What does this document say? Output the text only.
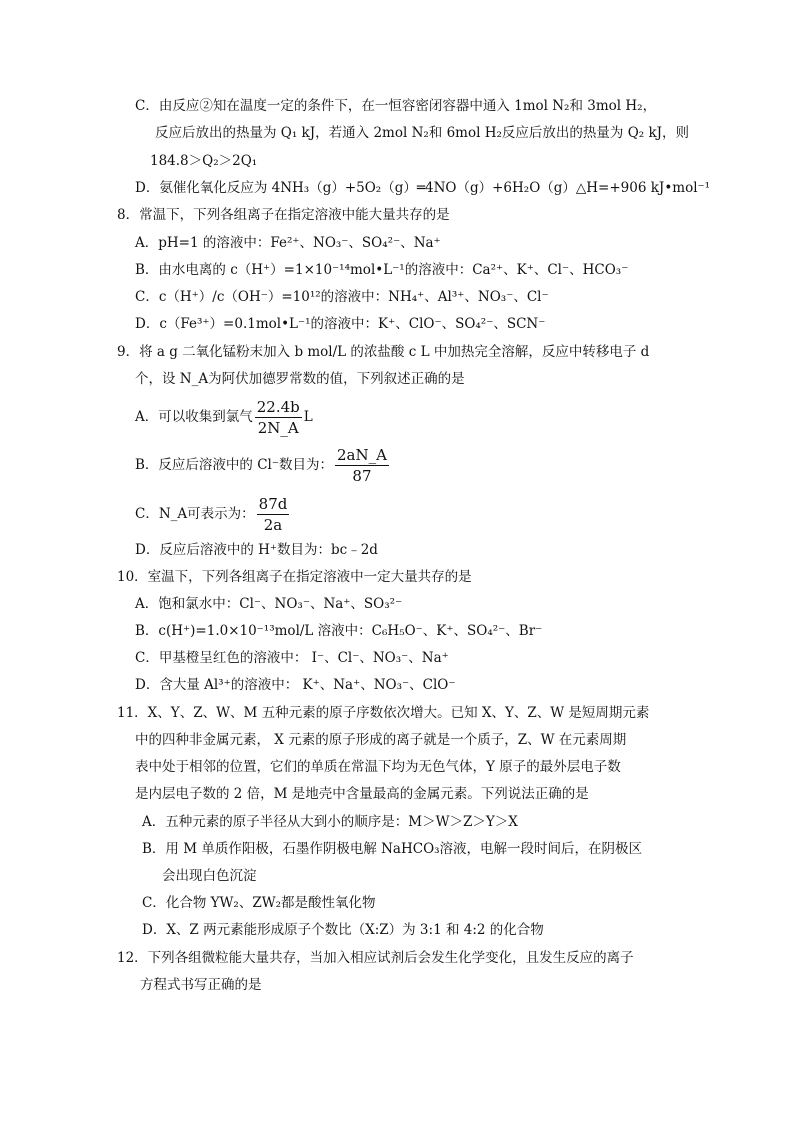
C．由反应②知在温度一定的条件下，在一恒容密闭容器中通入 1mol N₂和 3mol H₂，
反应后放出的热量为 Q₁ kJ，若通入 2mol N₂和 6mol H₂反应后放出的热量为 Q₂ kJ，则
184.8＞Q₂＞2Q₁
D．氨催化氧化反应为 4NH₃（g）+5O₂（g）═4NO（g）+6H₂O（g）△H=+906 kJ•mol⁻¹
8．常温下，下列各组离子在指定溶液中能大量共存的是
A．pH=1 的溶液中：Fe²⁺、NO₃⁻、SO₄²⁻、Na⁺
B．由水电离的 c（H⁺）=1×10⁻¹⁴mol•L⁻¹的溶液中：Ca²⁺、K⁺、Cl⁻、HCO₃⁻
C．c（H⁺）/c（OH⁻）=10¹²的溶液中：NH₄⁺、Al³⁺、NO₃⁻、Cl⁻
D．c（Fe³⁺）=0.1mol•L⁻¹的溶液中：K⁺、ClO⁻、SO₄²⁻、SCN⁻
9．将 a g 二氧化锰粉末加入 b mol/L 的浓盐酸 c L 中加热完全溶解，反应中转移电子 d
个，设 N_A为阿伏加德罗常数的值，下列叙述正确的是
A．可以收集到氯气 $\frac{22.4b}{2N\_A}$ L
B．反应后溶液中的 Cl⁻数目为： $\frac{2aN\_A}{87}$
C．N_A可表示为： $\frac{87d}{2a}$
D．反应后溶液中的 H⁺数目为：bc﹣2d
10．室温下，下列各组离子在指定溶液中一定大量共存的是
A．饱和氯水中：Cl⁻、NO₃⁻、Na⁺、SO₃²⁻
B．c(H⁺)=1.0×10⁻¹³mol/L 溶液中：C₆H₅O⁻、K⁺、SO₄²⁻、Br⁻
C．甲基橙呈红色的溶液中： I⁻、Cl⁻、NO₃⁻、Na⁺
D．含大量 Al³⁺的溶液中： K⁺、Na⁺、NO₃⁻、ClO⁻
11．X、Y、Z、W、M 五种元素的原子序数依次增大。已知 X、Y、Z、W 是短周期元素
中的四种非金属元素， X 元素的原子形成的离子就是一个质子，Z、W 在元素周期
表中处于相邻的位置，它们的单质在常温下均为无色气体，Y 原子的最外层电子数
是内层电子数的 2 倍，M 是地壳中含量最高的金属元素。下列说法正确的是
A．五种元素的原子半径从大到小的顺序是：M＞W＞Z＞Y＞X
B．用 M 单质作阳极，石墨作阴极电解 NaHCO₃溶液，电解一段时间后，在阴极区
会出现白色沉淀
C．化合物 YW₂、ZW₂都是酸性氧化物
D．X、Z 两元素能形成原子个数比（X:Z）为 3:1 和 4:2 的化合物
12．下列各组微粒能大量共存，当加入相应试剂后会发生化学变化，且发生反应的离子
方程式书写正确的是
